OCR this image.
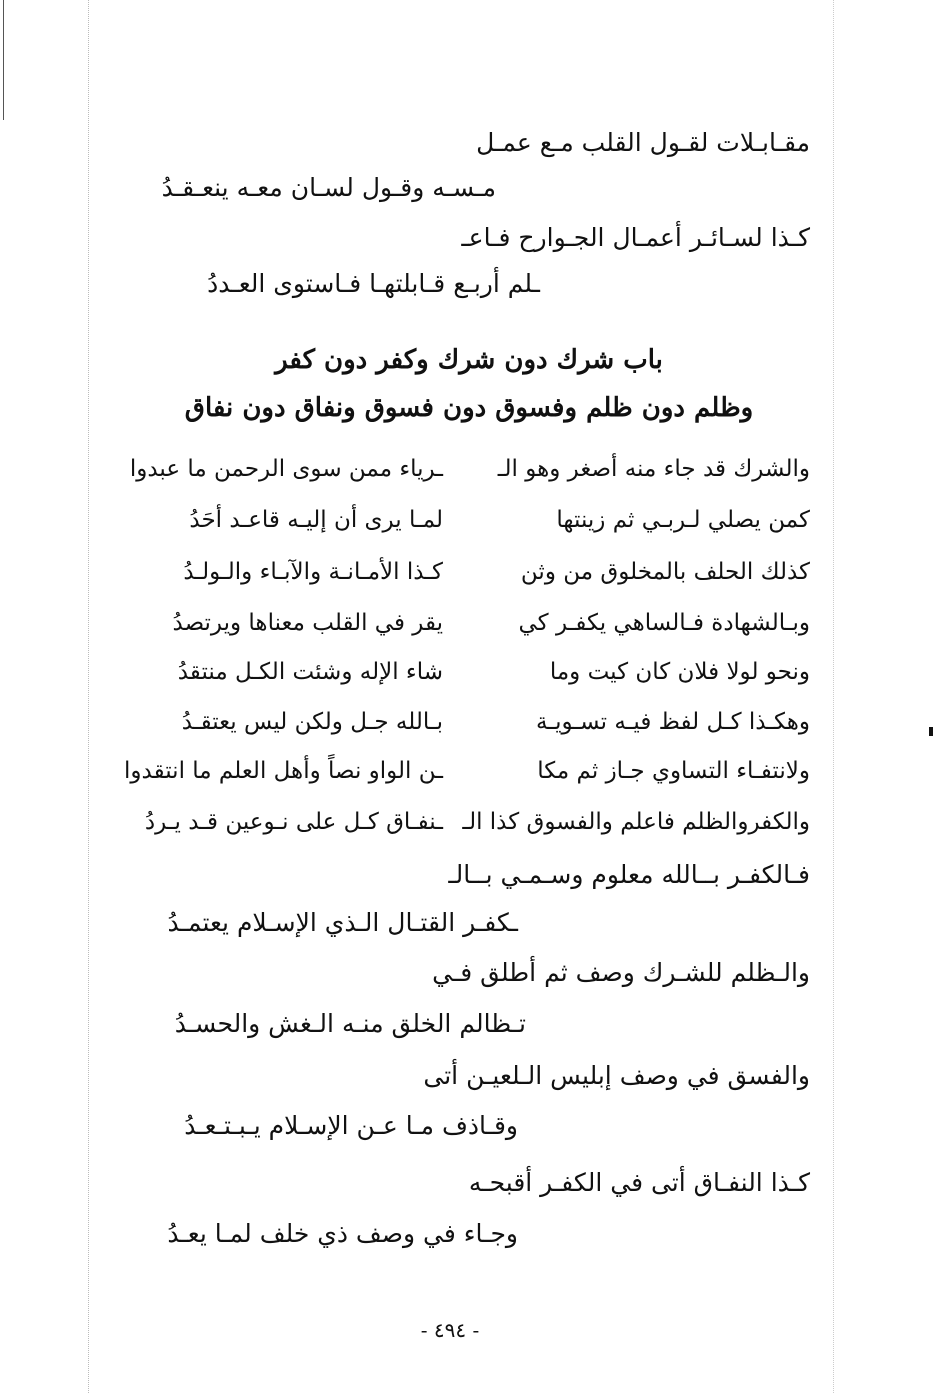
مقـابـلات لقـول القلب مـع عمـل
مـسـه وقـول لسـان معـه ينعـقـدُ
كـذا لسـائـر أعمـال الجـوارح فـاعـ
ـلم أربـع قـابلتهـا فـاستوى العـددُ
باب شرك دون شرك وكفر دون كفر
وظلم دون ظلم وفسوق دون فسوق ونفاق دون نفاق
والشرك قد جاء منه أصغر وهو الـ
ـرياء ممن سوى الرحمن ما عبدوا
كمن يصلي لـربـي ثم زينتها
لمـا يرى أن إليـه قاعـد أحَدُ
كذلك الحلف بالمخلوق من وثن
كـذا الأمـانـة والآبـاء والـولـدُ
وبـالشهادة فـالساهي يكفـر كي
يقر في القلب معناها ويرتصدُ
ونحو لولا فلان كان كيت وما
شاء الإله وشئت الكـل منتقدُ
وهكـذا كـل لفظ فيـه تسـويـة
بـالله جـل ولكن ليس يعتقـدُ
ولانتفـاء التساوي جـاز ثم مكا
ـن الواو نصاً وأهل العلم ما انتقدوا
والكفروالظلم فاعلم والفسوق كذا الـ
ـنفـاق كـل على نـوعين قـد يـردُ
فـالكفـر بــالله معلوم وسـمـي بــالـ
ـكفـر القتـال الـذي الإسـلام يعتمـدُ
والـظلم للشـرك وصف ثم أطلق فـي
تـظالم الخلق منـه الـغش والحسـدُ
والفسق في وصف إبليس الـلعيـن أتى
وقـاذف مـا عـن الإسـلام يـبـتـعـدُ
كـذا النفـاق أتى في الكفـر أقبحـه
وجـاء في وصف ذي خلف لمـا يعـدُ
- ٤٩٤ -
